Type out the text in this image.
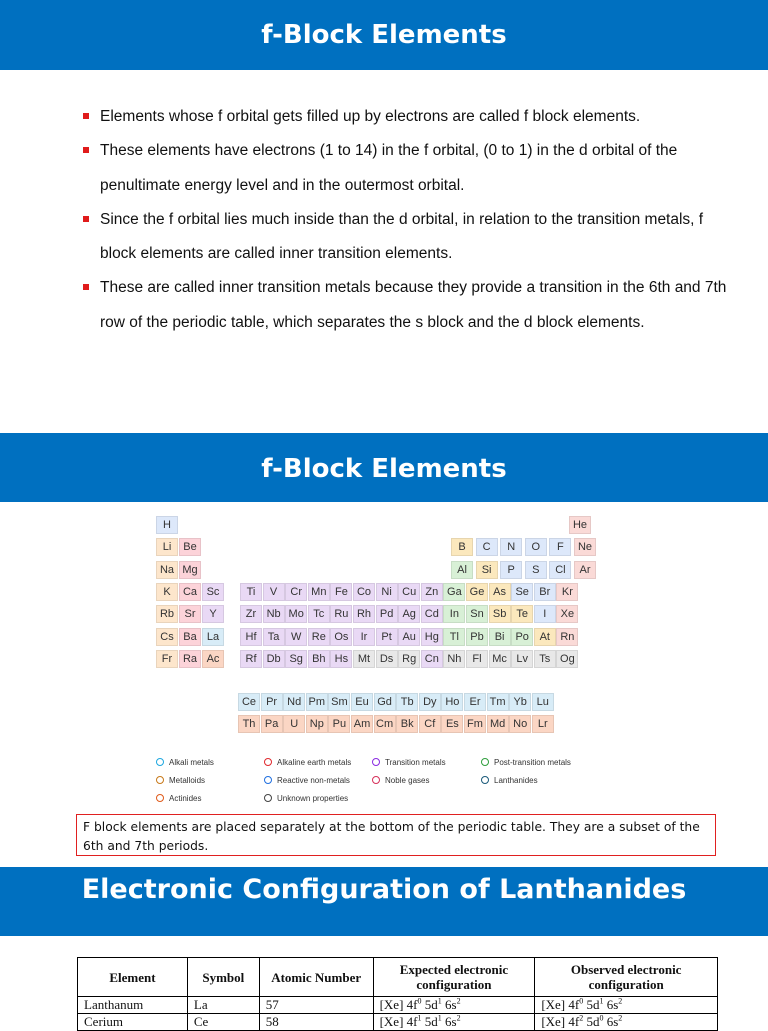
f-Block Elements
Elements whose f orbital gets filled up by electrons are called f block elements.
These elements have electrons (1 to 14) in the f orbital, (0 to 1) in the d orbital of the penultimate energy level and in the outermost orbital.
Since the f orbital lies much inside than the d orbital, in relation to the transition metals, f block elements are called inner transition elements.
These are called inner transition metals because they provide a transition in the 6th and 7th row of the periodic table, which separates the s block and the d block elements.
f-Block Elements
H	He
Li	Be	B	C	N	O	F	Ne
Na Mg	Al	Si	P	S	Cl	Ar
K	Ca Sc	Ti	V	Cr Mn Fe Co Ni Cu Zn Ga Ge As Se Br	Kr
Rb Sr	Y	Zr Nb Mo Tc Ru Rh Pd Ag Cd In	Sn Sb Te	I	Xe
Cs Ba La	Hf	Ta	W Re Os	Ir	Pt Au Hg Tl	Pb Bi Po At Rn
Fr Ra Ac	Rf Db Sg Bh Hs Mt Ds Rg Cn Nh Fl Mc Lv	Ts Og
Ce Pr Nd Pm Sm Eu Gd Tb Dy Ho Er Tm Yb Lu
Th Pa	U	Np Pu Am Cm Bk Cf Es Fm Md No Lr
Alkali metals	Alkaline earth metals	Transition metals	Post-transition metals
Metalloids	Reactive non-metals	Noble gases	Lanthanides
Actinides	Unknown properties
F block elements are placed separately at the bottom of the periodic table. They are a subset of the 6th and 7th periods.
Electronic Configuration of Lanthanides
Element	Symbol	Atomic Number	Expected electronic configuration	Observed electronic configuration
Lanthanum	La	57	[Xe] $4f^0$ $5d^1$ $6s^2$	[Xe] $4f^0$ $5d^1$ $6s^2$
Cerium	Ce	58	[Xe] $4f^1$ $5d^1$ $6s^2$	[Xe] $4f^2$ $5d^0$ $6s^2$
